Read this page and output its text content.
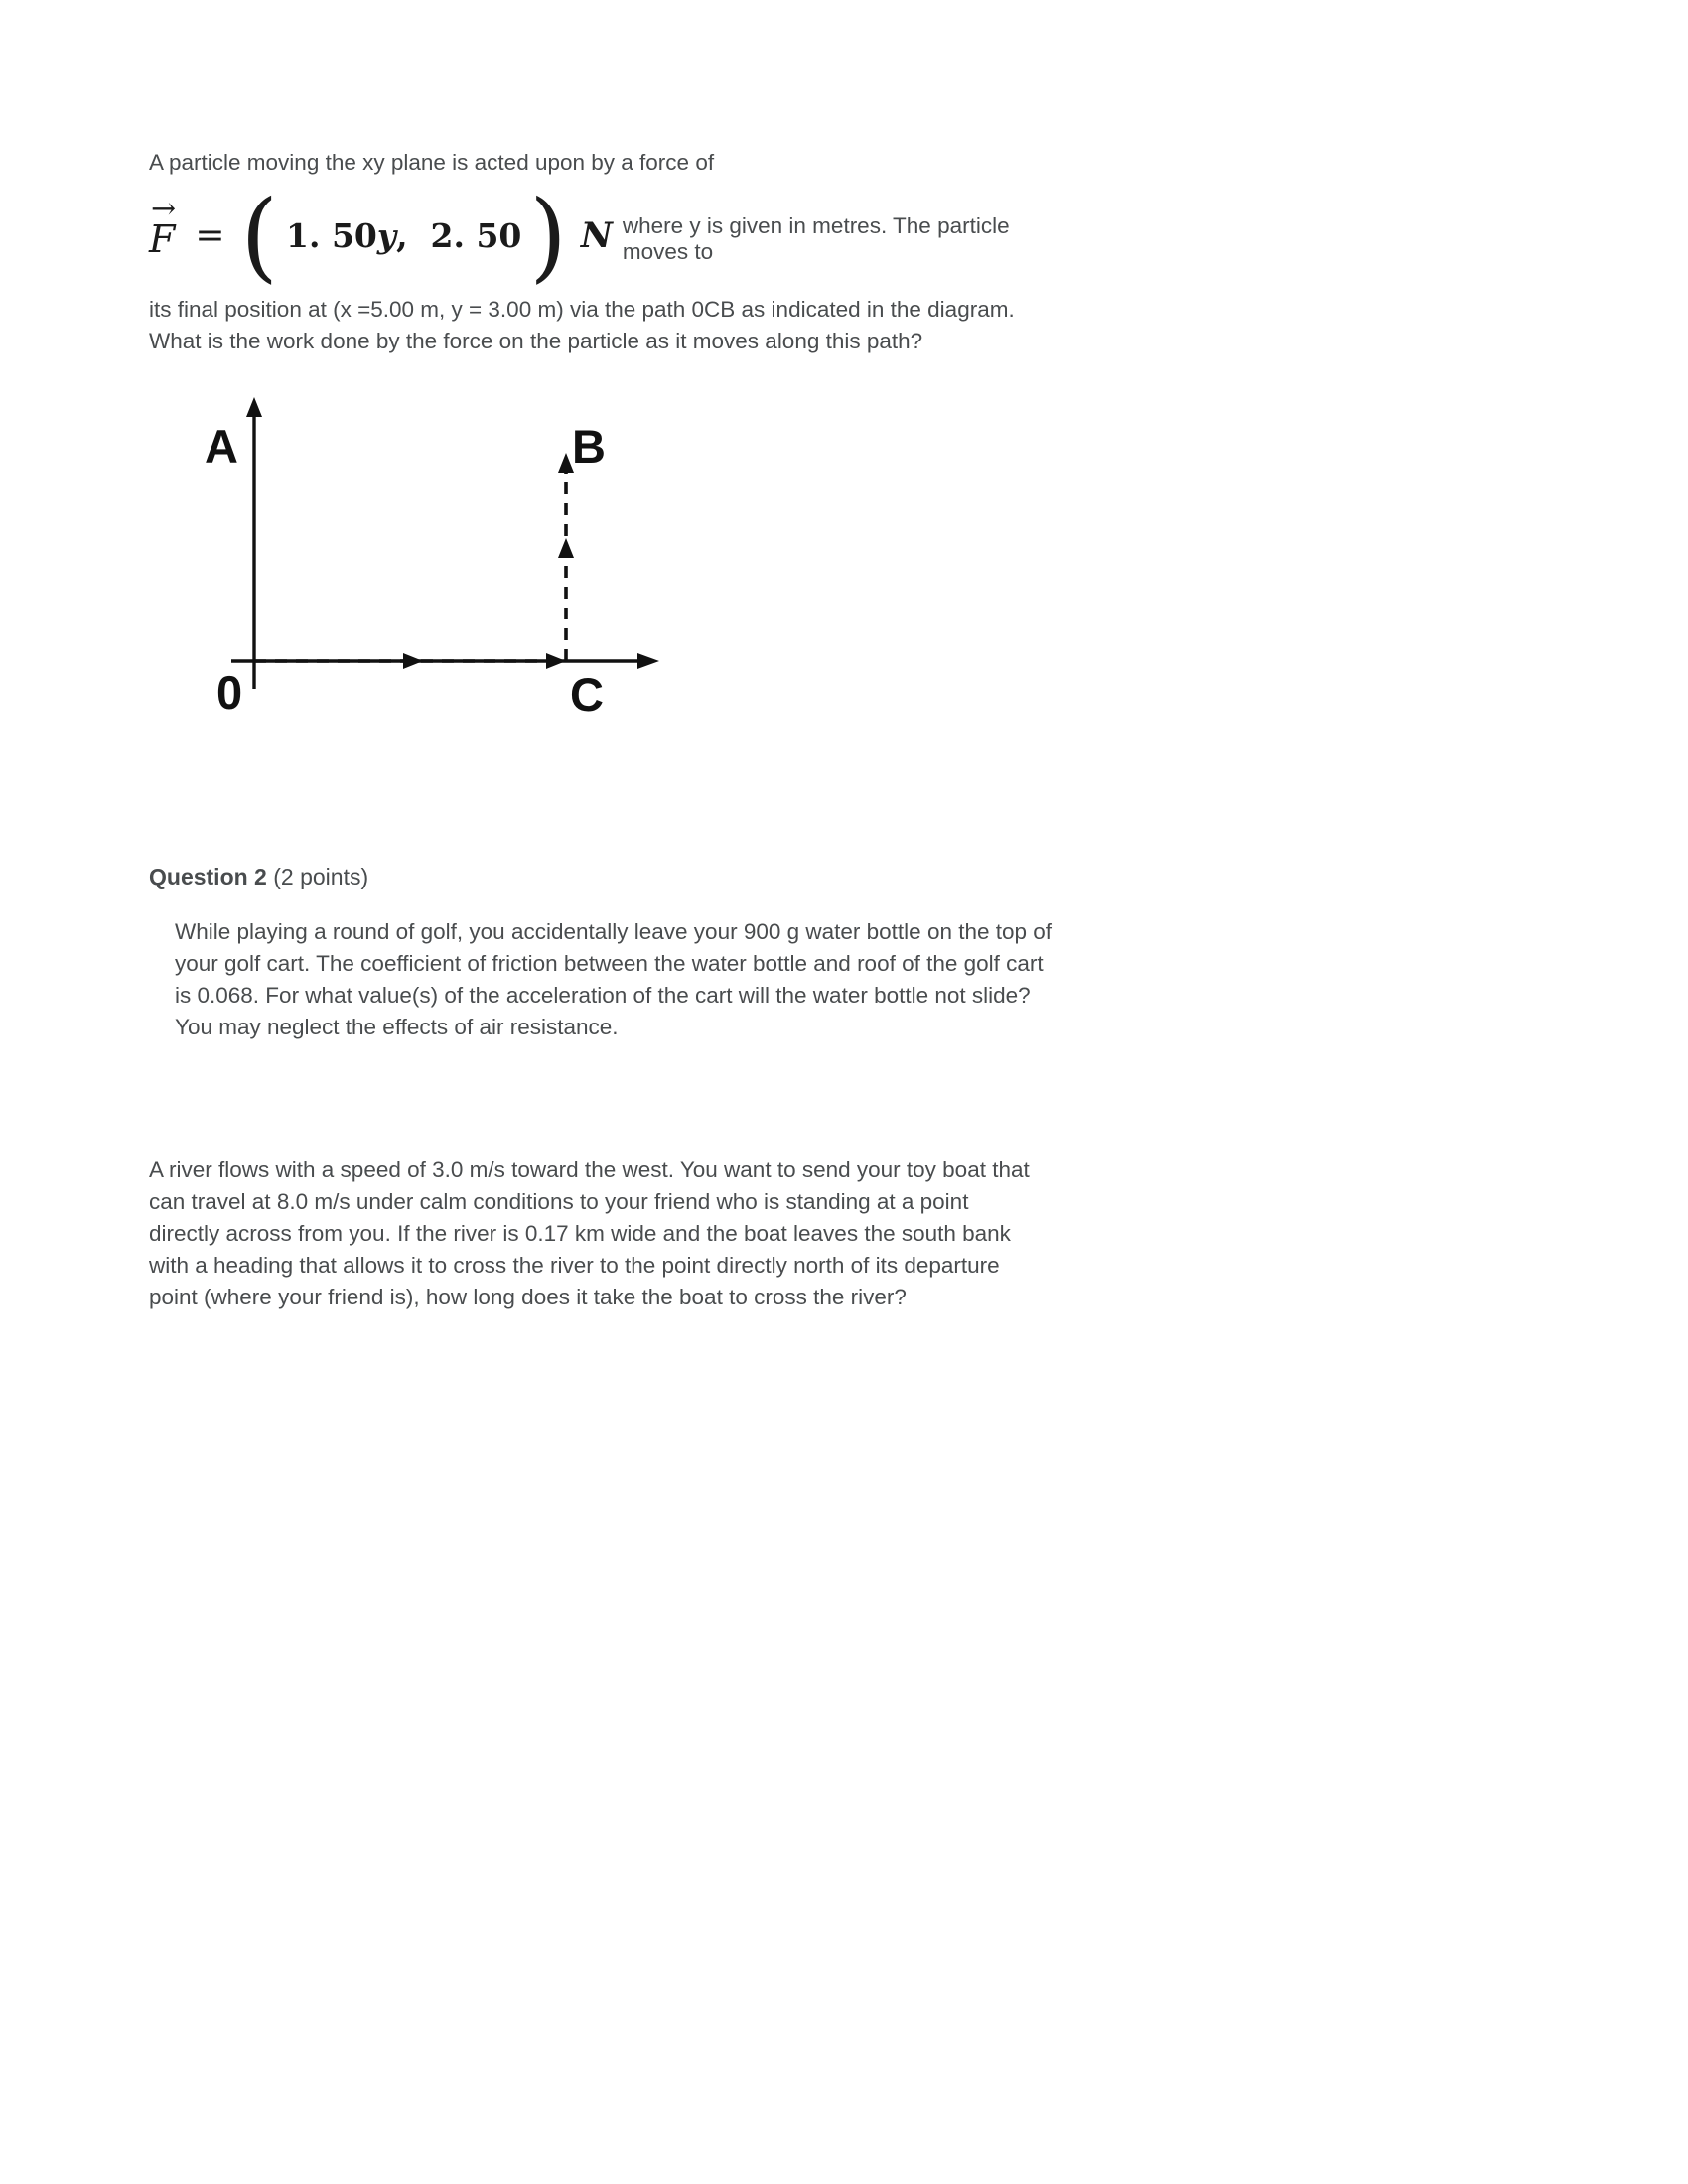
A particle moving the xy plane is acted upon by a force of

→
F = ( 1. 50y,  2. 50 ) N where y is given in metres. The particle moves to

its final position at (x =5.00 m, y = 3.00 m) via the path 0CB as indicated in the diagram. What is the work done by the force on the particle as it moves along this path?

A	B
0	C

Question 2 (2 points)

While playing a round of golf, you accidentally leave your 900 g water bottle on the top of your golf cart. The coefficient of friction between the water bottle and roof of the golf cart is 0.068. For what value(s) of the acceleration of the cart will the water bottle not slide? You may neglect the effects of air resistance.

A river flows with a speed of 3.0 m/s toward the west. You want to send your toy boat that can travel at 8.0 m/s under calm conditions to your friend who is standing at a point directly across from you. If the river is 0.17 km wide and the boat leaves the south bank with a heading that allows it to cross the river to the point directly north of its departure point (where your friend is), how long does it take the boat to cross the river?
